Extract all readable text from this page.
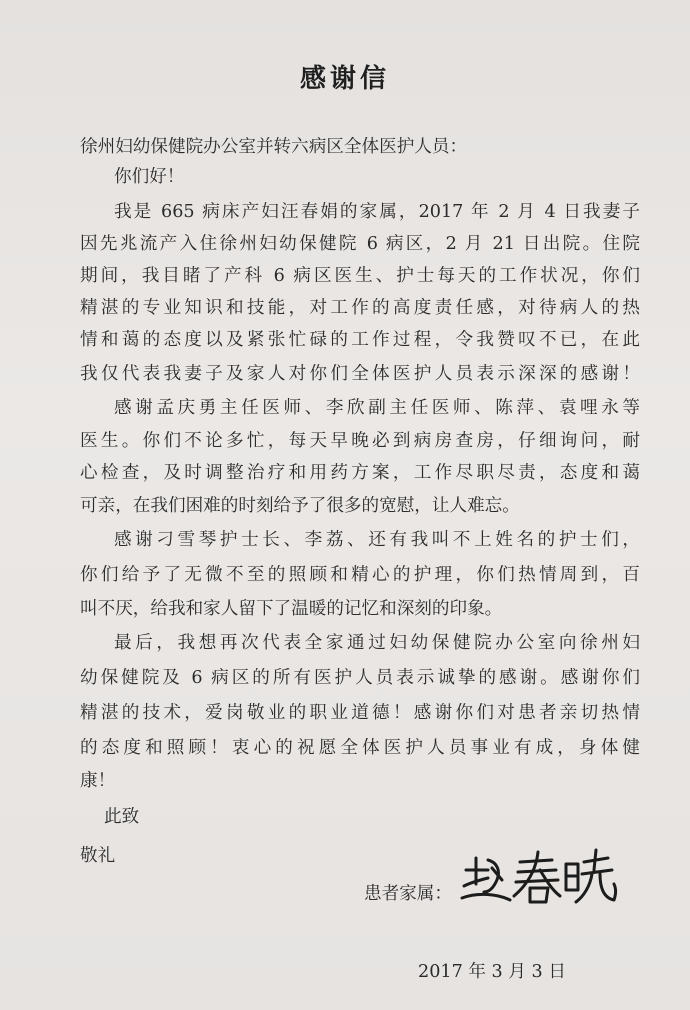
感谢信
徐州妇幼保健院办公室并转六病区全体医护人员：
你们好！
我是 665 病床产妇汪春娟的家属，2017 年 2 月 4 日我妻子
因先兆流产入住徐州妇幼保健院 6 病区，2 月 21 日出院。住院
期间，我目睹了产科 6 病区医生、护士每天的工作状况，你们
精湛的专业知识和技能，对工作的高度责任感，对待病人的热
情和蔼的态度以及紧张忙碌的工作过程，令我赞叹不已，在此
我仅代表我妻子及家人对你们全体医护人员表示深深的感谢！
感谢孟庆勇主任医师、李欣副主任医师、陈萍、袁哩永等
医生。你们不论多忙，每天早晚必到病房查房，仔细询问，耐
心检查，及时调整治疗和用药方案，工作尽职尽责，态度和蔼
可亲，在我们困难的时刻给予了很多的宽慰，让人难忘。
感谢刁雪琴护士长、李荔、还有我叫不上姓名的护士们，
你们给予了无微不至的照顾和精心的护理，你们热情周到，百
叫不厌，给我和家人留下了温暖的记忆和深刻的印象。
最后，我想再次代表全家通过妇幼保健院办公室向徐州妇
幼保健院及 6 病区的所有医护人员表示诚挚的感谢。感谢你们
精湛的技术，爱岗敬业的职业道德！感谢你们对患者亲切热情
的态度和照顾！衷心的祝愿全体医护人员事业有成，身体健
康！
此致
敬礼
患者家属：
2017 年 3 月 3 日
